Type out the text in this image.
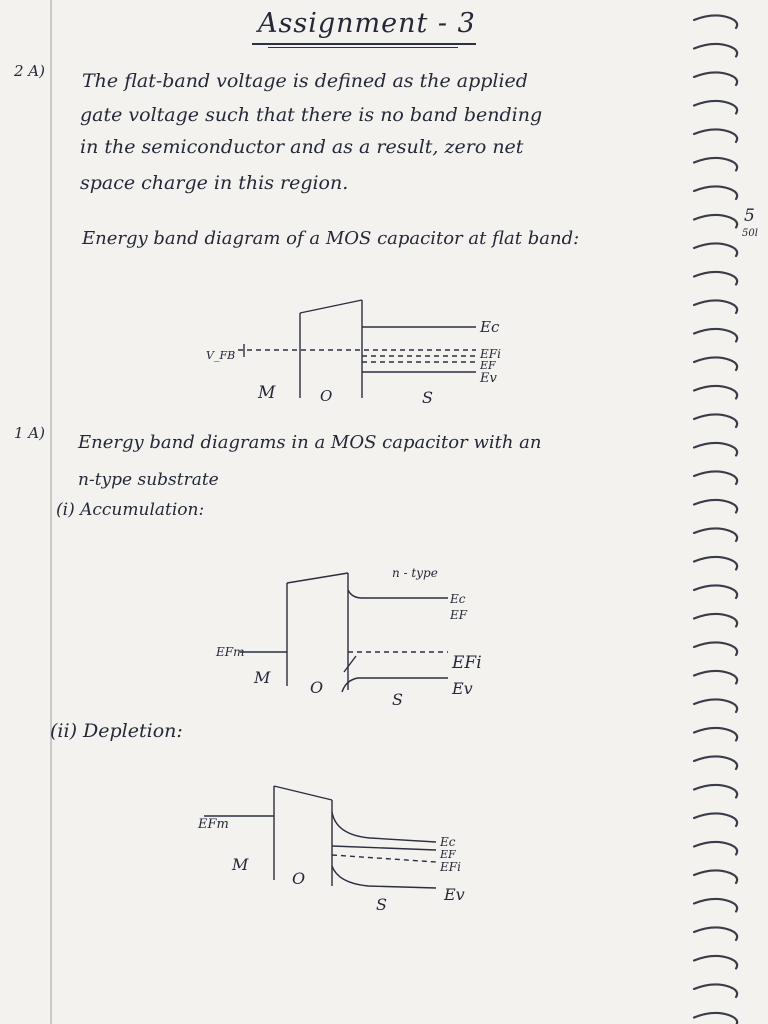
Assignment - 3
2 A) The flat-band voltage is defined as the applied
gate voltage such that there is no band bending
in the semiconductor and as a result, zero net
space charge in this region.
Energy band diagram of a MOS capacitor at flat band:
5
50l
1 A) Energy band diagrams in a MOS capacitor with an
n-type substrate
(i) Accumulation:
(ii) Depletion:
V_FB
Ec
EFi
EF
Ev
M	O	S
n - type
Ec
EF
EFm
EFi
Ev
M
O
S
EFm
Ec
EF
EFi
Ev
M
O
S
